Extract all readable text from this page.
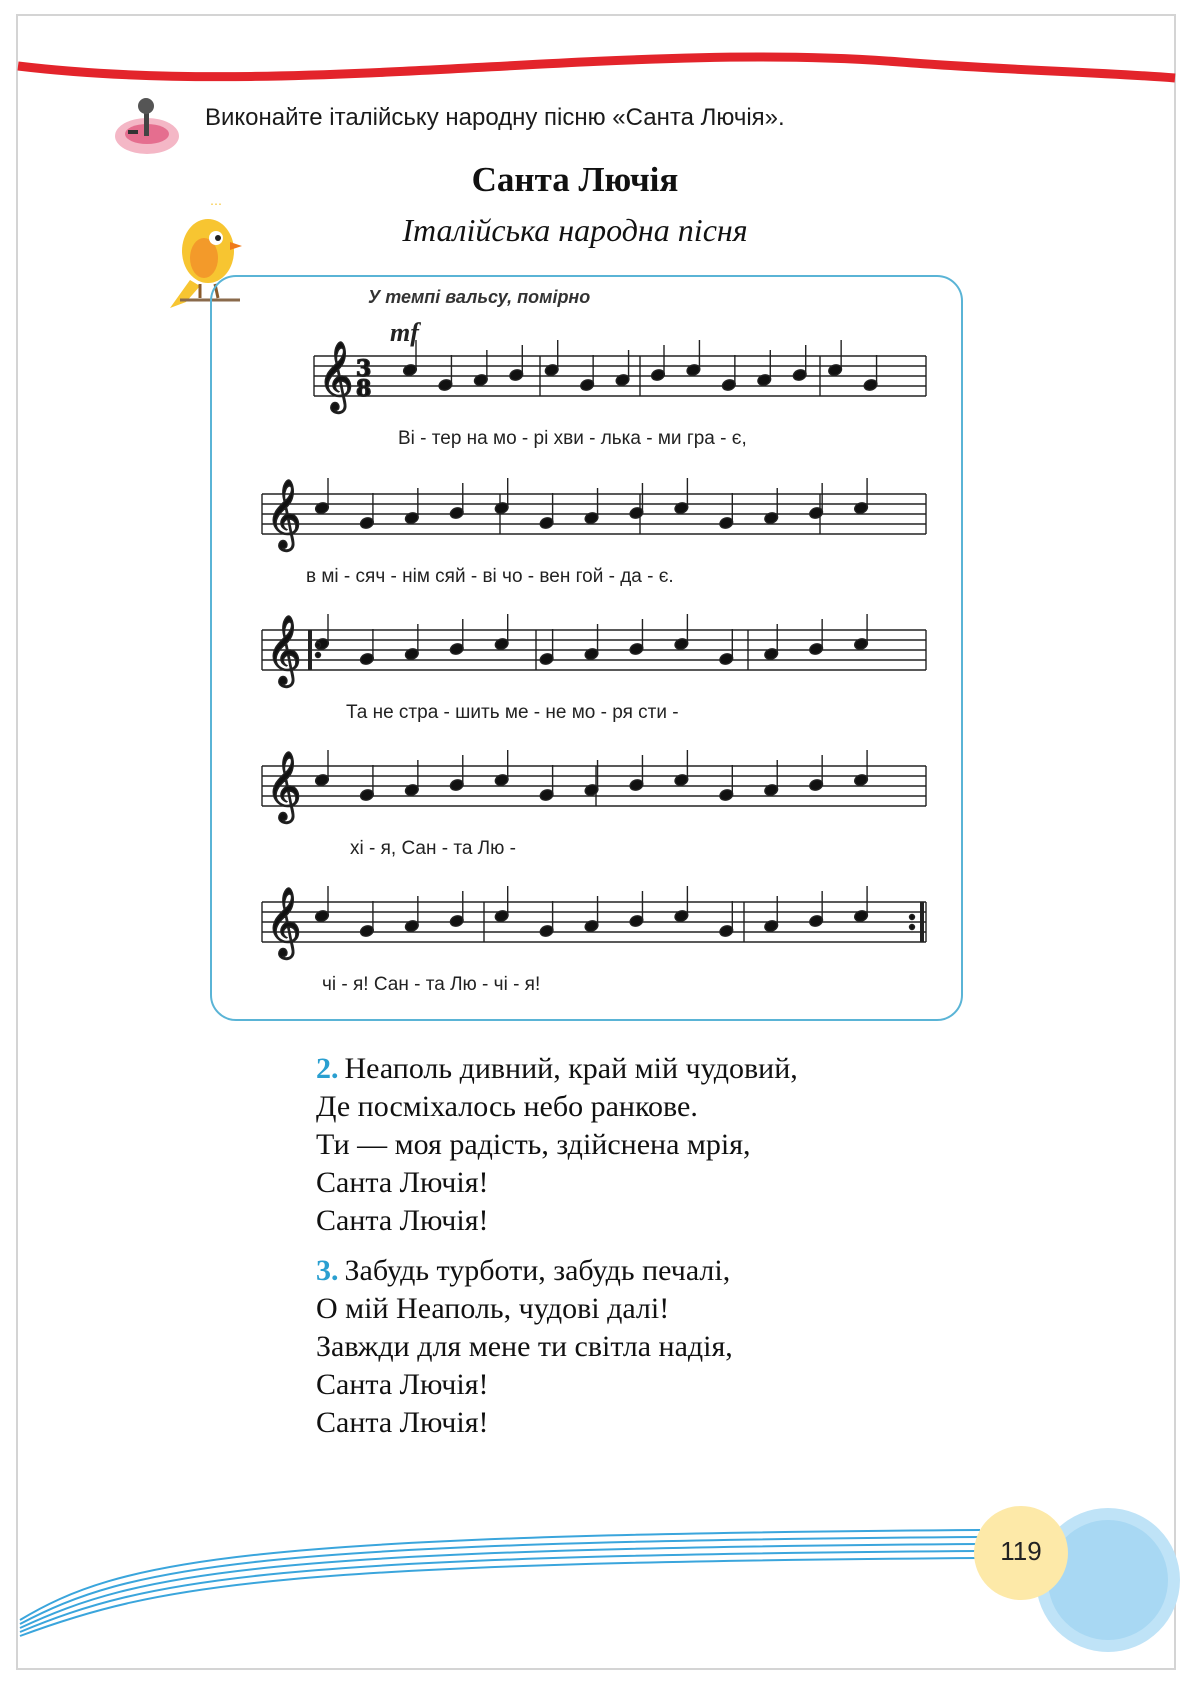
Виконайте італійську народну пісню «Санта Лючія».
Санта Лючія
Італійська народна пісня
⋯
У темпі вальсу, помірно
mf
𝄞
𝄞
𝄞
𝄞
𝄞
3
8
Ві - тер на мо - рі хви - лька - ми гра - є,
в мі - сяч - нім сяй - ві чо - вен гой - да - є.
Та не стра - шить ме - не мо - ря сти -
хі - я, Сан - та Лю -
чі - я! Сан - та Лю - чі - я!
2. Неаполь дивний, край мій чудовий,
Де посміхалось небо ранкове.
Ти — моя радість, здійснена мрія,
Санта Лючія!
Санта Лючія!
3. Забудь турботи, забудь печалі,
О мій Неаполь, чудові далі!
Завжди для мене ти світла надія,
Санта Лючія!
Санта Лючія!
119
